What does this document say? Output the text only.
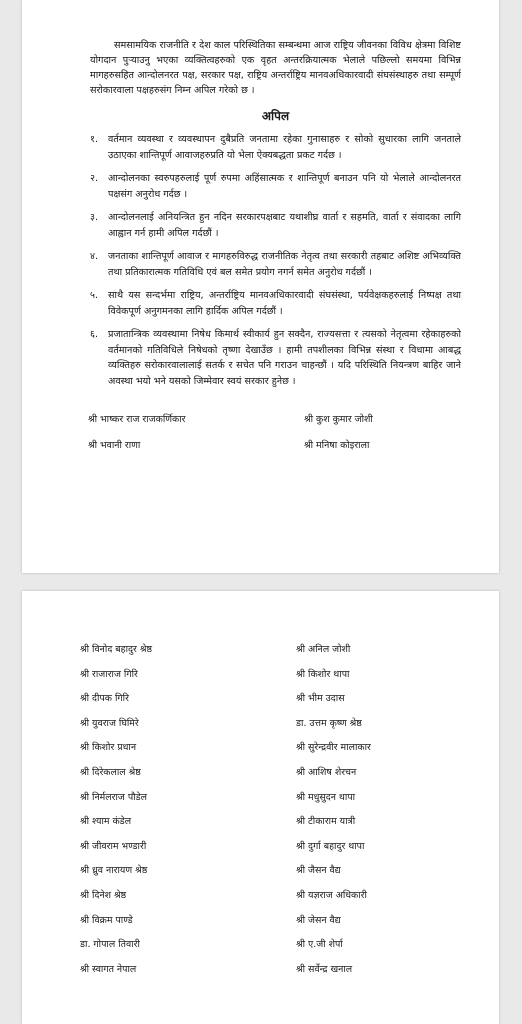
समसामयिक राजनीति र देश काल परिस्थितिका सम्बन्धमा आज राष्ट्रिय जीवनका विविध क्षेत्रमा विशिष्ट योगदान पुऱ्याउनु भएका व्यक्तित्वहरुको एक वृहत अन्तरक्रियात्मक भेलाले पछिल्लो समयमा विभिन्न मागहरुसहित आन्दोलनरत पक्ष, सरकार पक्ष, राष्ट्रिय अन्तर्राष्ट्रिय मानवअधिकारवादी संघसंस्थाहरु तथा सम्पूर्ण सरोकारवाला पक्षहरुसंग निम्न अपिल गरेको छ ।

अपिल
१. वर्तमान व्यवस्था र व्यवस्थापन दुबैप्रति जनतामा रहेका गुनासाहरु र सोको सुधारका लागि जनताले उठाएका शान्तिपूर्ण आवाजहरुप्रति यो भेला ऐक्यबद्धता प्रकट गर्दछ ।
२. आन्दोलनका स्वरुपहरुलाई पूर्ण रुपमा अहिंसात्मक र शान्तिपूर्ण बनाउन पनि यो भेलाले आन्दोलनरत पक्षसंग अनुरोध गर्दछ ।
३. आन्दोलनलाई अनियन्त्रित हुन नदिन सरकारपक्षबाट यथाशीघ्र वार्ता र सहमति, वार्ता र संवादका लागि आह्वान गर्न हामी अपिल गर्दछौं ।
४. जनताका शान्तिपूर्ण आवाज र मागहरुविरुद्ध राजनीतिक नेतृत्व तथा सरकारी तहबाट अशिष्ट अभिव्यक्ति तथा प्रतिकारात्मक गतिविधि एवं बल समेत प्रयोग नगर्न समेत अनुरोध गर्दछौं ।
५. साथै यस सन्दर्भमा राष्ट्रिय, अन्तर्राष्ट्रिय मानवअधिकारवादी संघसंस्था, पर्यवेक्षकहरुलाई निष्पक्ष तथा विवेकपूर्ण अनुगमनका लागि हार्दिक अपिल गर्दछौं ।
६. प्रजातान्त्रिक व्यवस्थामा निषेध किमार्थ स्वीकार्य हुन सक्दैन, राज्यसत्ता र त्यसको नेतृत्वमा रहेकाहरुको वर्तमानको गतिविधिले निषेधको तृष्णा देखाउँछ । हामी तपशीलका विभिन्न संस्था र विधामा आबद्ध व्यक्तिहरु सरोकारवालालाई सतर्क र सचेत पनि गराउन चाहन्छौं । यदि परिस्थिति नियन्त्रण बाहिर जाने अवस्था भयो भने यसको जिम्मेवार स्वयं सरकार हुनेछ ।
श्री भाष्कर राज राजकर्णिकार	श्री कुश कुमार जोशी
श्री भवानी राणा	श्री मनिषा कोइराला
श्री विनोद बहादुर श्रेष्ठ	श्री अनिल जोशी
श्री राजाराज गिरि	श्री किशोर थापा
श्री दीपक गिरि	श्री भीम उदास
श्री युवराज घिमिरे	डा. उत्तम कृष्ण श्रेष्ठ
श्री किशोर प्रधान	श्री सुरेन्द्रवीर मालाकार
श्री दिरेकलाल श्रेष्ठ	श्री आशिष शेरचन
श्री निर्मलराज पौडेल	श्री मधुसुदन थापा
श्री श्याम कंडेल	श्री टीकाराम यात्री
श्री जीवराम भण्डारी	श्री दुर्गा बहादुर थापा
श्री ध्रुव नारायण श्रेष्ठ	श्री जैसन वैद्य
श्री दिनेश श्रेष्ठ	श्री यज्ञराज अधिकारी
श्री विक्रम पाण्डे	श्री जेसन वैद्य
डा. गोपाल तिवारी	श्री ए.जी शेर्पा
श्री स्वागत नेपाल	श्री सर्वेन्द्र खनाल
